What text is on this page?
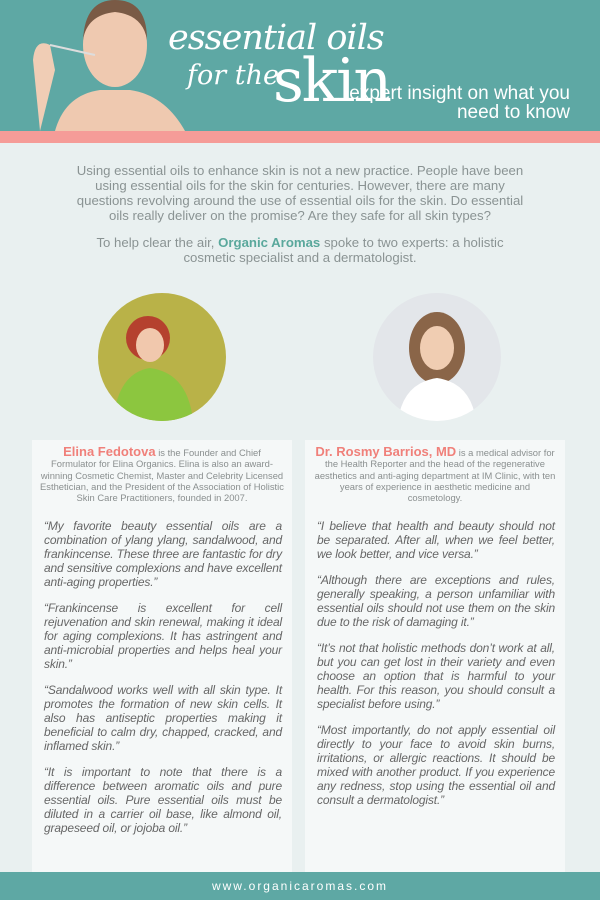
essential oils
for the
skin
expert insight on what you need to know
Using essential oils to enhance skin is not a new practice. People have been using essential oils for the skin for centuries. However, there are many questions revolving around the use of essential oils for the skin. Do essential oils really deliver on the promise? Are they safe for all skin types?
To help clear the air, Organic Aromas spoke to two experts: a holistic cosmetic specialist and a dermatologist.
Elina Fedotova is the Founder and Chief Formulator for Elina Organics. Elina is also an award-winning Cosmetic Chemist, Master and Celebrity Licensed Esthetician, and the President of the Association of Holistic Skin Care Practitioners, founded in 2007.

“My favorite beauty essential oils are a combination of ylang ylang, sandalwood, and frankincense. These three are fantastic for dry and sensitive complexions and have excellent anti-aging properties.”

“Frankincense is excellent for cell rejuvenation and skin renewal, making it ideal for aging complexions. It has astringent and anti-microbial properties and helps heal your skin.”

“Sandalwood works well with all skin type. It promotes the formation of new skin cells. It also has antiseptic properties making it beneficial to calm dry, chapped, cracked, and inflamed skin.”

“It is important to note that there is a difference between aromatic oils and pure essential oils. Pure essential oils must be diluted in a carrier oil base, like almond oil, grapeseed oil, or jojoba oil.”

Dr. Rosmy Barrios, MD is a medical advisor for the Health Reporter and the head of the regenerative aesthetics and anti-aging department at IM Clinic, with ten years of experience in aesthetic medicine and cosmetology.

“I believe that health and beauty should not be separated. After all, when we feel better, we look better, and vice versa.”

“Although there are exceptions and rules, generally speaking, a person unfamiliar with essential oils should not use them on the skin due to the risk of damaging it.”

“It’s not that holistic methods don’t work at all, but you can get lost in their variety and even choose an option that is harmful to your health. For this reason, you should consult a specialist before using.”

“Most importantly, do not apply essential oil directly to your face to avoid skin burns, irritations, or allergic reactions. It should be mixed with another product. If you experience any redness, stop using the essential oil and consult a dermatologist.”

www.organicaromas.com
